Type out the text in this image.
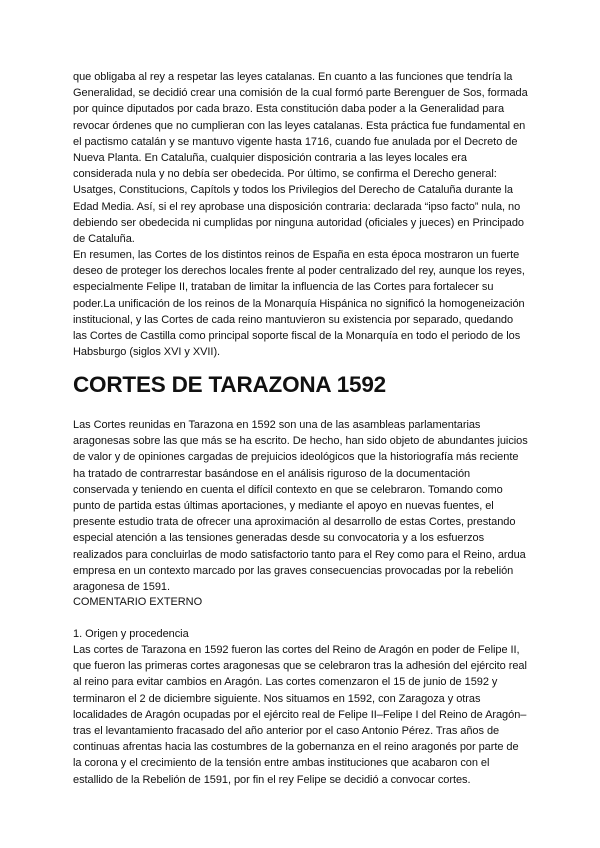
que obligaba al rey a respetar las leyes catalanas. En cuanto a las funciones que tendría la Generalidad, se decidió crear una comisión de la cual formó parte Berenguer de Sos, formada por quince diputados por cada brazo. Esta constitución daba poder a la Generalidad para revocar órdenes que no cumplieran con las leyes catalanas. Esta práctica fue fundamental en el pactismo catalán y se mantuvo vigente hasta 1716, cuando fue anulada por el Decreto de Nueva Planta. En Cataluña, cualquier disposición contraria a las leyes locales era considerada nula y no debía ser obedecida. Por último, se confirma el Derecho general: Usatges, Constitucions, Capítols y todos los Privilegios del Derecho de Cataluña durante la Edad Media. Así, si el rey aprobase una disposición contraria: declarada “ipso facto” nula, no debiendo ser obedecida ni cumplidas por ninguna autoridad (oficiales y jueces) en Principado de Cataluña.

En resumen, las Cortes de los distintos reinos de España en esta época mostraron un fuerte deseo de proteger los derechos locales frente al poder centralizado del rey, aunque los reyes, especialmente Felipe II, trataban de limitar la influencia de las Cortes para fortalecer su poder.La unificación de los reinos de la Monarquía Hispánica no significó la homogeneización institucional, y las Cortes de cada reino mantuvieron su existencia por separado, quedando las Cortes de Castilla como principal soporte fiscal de la Monarquía en todo el periodo de los Habsburgo (siglos XVI y XVII).

CORTES DE TARAZONA 1592

Las Cortes reunidas en Tarazona en 1592 son una de las asambleas parlamentarias aragonesas sobre las que más se ha escrito. De hecho, han sido objeto de abundantes juicios de valor y de opiniones cargadas de prejuicios ideológicos que la historiografía más reciente ha tratado de contrarrestar basándose en el análisis riguroso de la documentación conservada y teniendo en cuenta el difícil contexto en que se celebraron. Tomando como punto de partida estas últimas aportaciones, y mediante el apoyo en nuevas fuentes, el presente estudio trata de ofrecer una aproximación al desarrollo de estas Cortes, prestando especial atención a las tensiones generadas desde su convocatoria y a los esfuerzos realizados para concluirlas de modo satisfactorio tanto para el Rey como para el Reino, ardua empresa en un contexto marcado por las graves consecuencias provocadas por la rebelión aragonesa de 1591.

COMENTARIO EXTERNO

1. Origen y procedencia

Las cortes de Tarazona en 1592 fueron las cortes del Reino de Aragón en poder de Felipe II, que fueron las primeras cortes aragonesas que se celebraron tras la adhesión del ejército real al reino para evitar cambios en Aragón. Las cortes comenzaron el 15 de junio de 1592 y terminaron el 2 de diciembre siguiente. Nos situamos en 1592, con Zaragoza y otras localidades de Aragón ocupadas por el ejército real de Felipe II–Felipe I del Reino de Aragón– tras el levantamiento fracasado del año anterior por el caso Antonio Pérez. Tras años de continuas afrentas hacia las costumbres de la gobernanza en el reino aragonés por parte de la corona y el crecimiento de la tensión entre ambas instituciones que acabaron con el estallido de la Rebelión de 1591, por fin el rey Felipe se decidió a convocar cortes.
